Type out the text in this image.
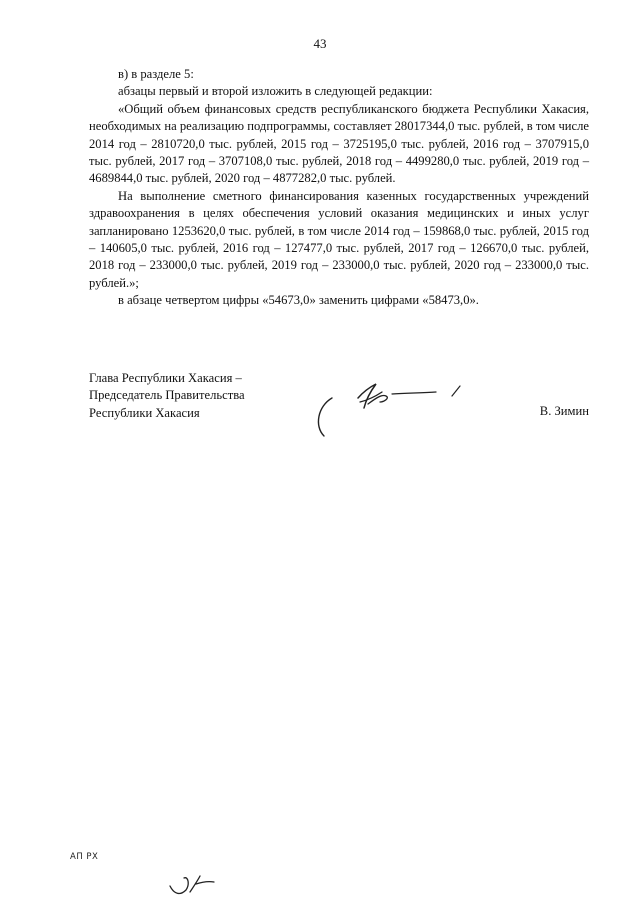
43

в) в разделе 5:

абзацы первый и второй изложить в следующей редакции:

«Общий объем финансовых средств республиканского бюджета Республики Хакасия, необходимых на реализацию подпрограммы, составляет 28017344,0 тыс. рублей, в том числе 2014 год – 2810720,0 тыс. рублей, 2015 год – 3725195,0 тыс. рублей, 2016 год – 3707915,0 тыс. рублей, 2017 год – 3707108,0 тыс. рублей, 2018 год – 4499280,0 тыс. рублей, 2019 год – 4689844,0 тыс. рублей, 2020 год – 4877282,0 тыс. рублей.

На выполнение сметного финансирования казенных государственных учреждений здравоохранения в целях обеспечения условий оказания медицинских и иных услуг запланировано 1253620,0 тыс. рублей, в том числе 2014 год – 159868,0 тыс. рублей, 2015 год – 140605,0 тыс. рублей, 2016 год – 127477,0 тыс. рублей, 2017 год – 126670,0 тыс. рублей, 2018 год – 233000,0 тыс. рублей, 2019 год – 233000,0 тыс. рублей, 2020 год – 233000,0 тыс. рублей.»;

в абзаце четвертом цифры «54673,0» заменить цифрами «58473,0».

Глава Республики Хакасия –
Председатель Правительства
Республики Хакасия	В. Зимин
АП РХ
